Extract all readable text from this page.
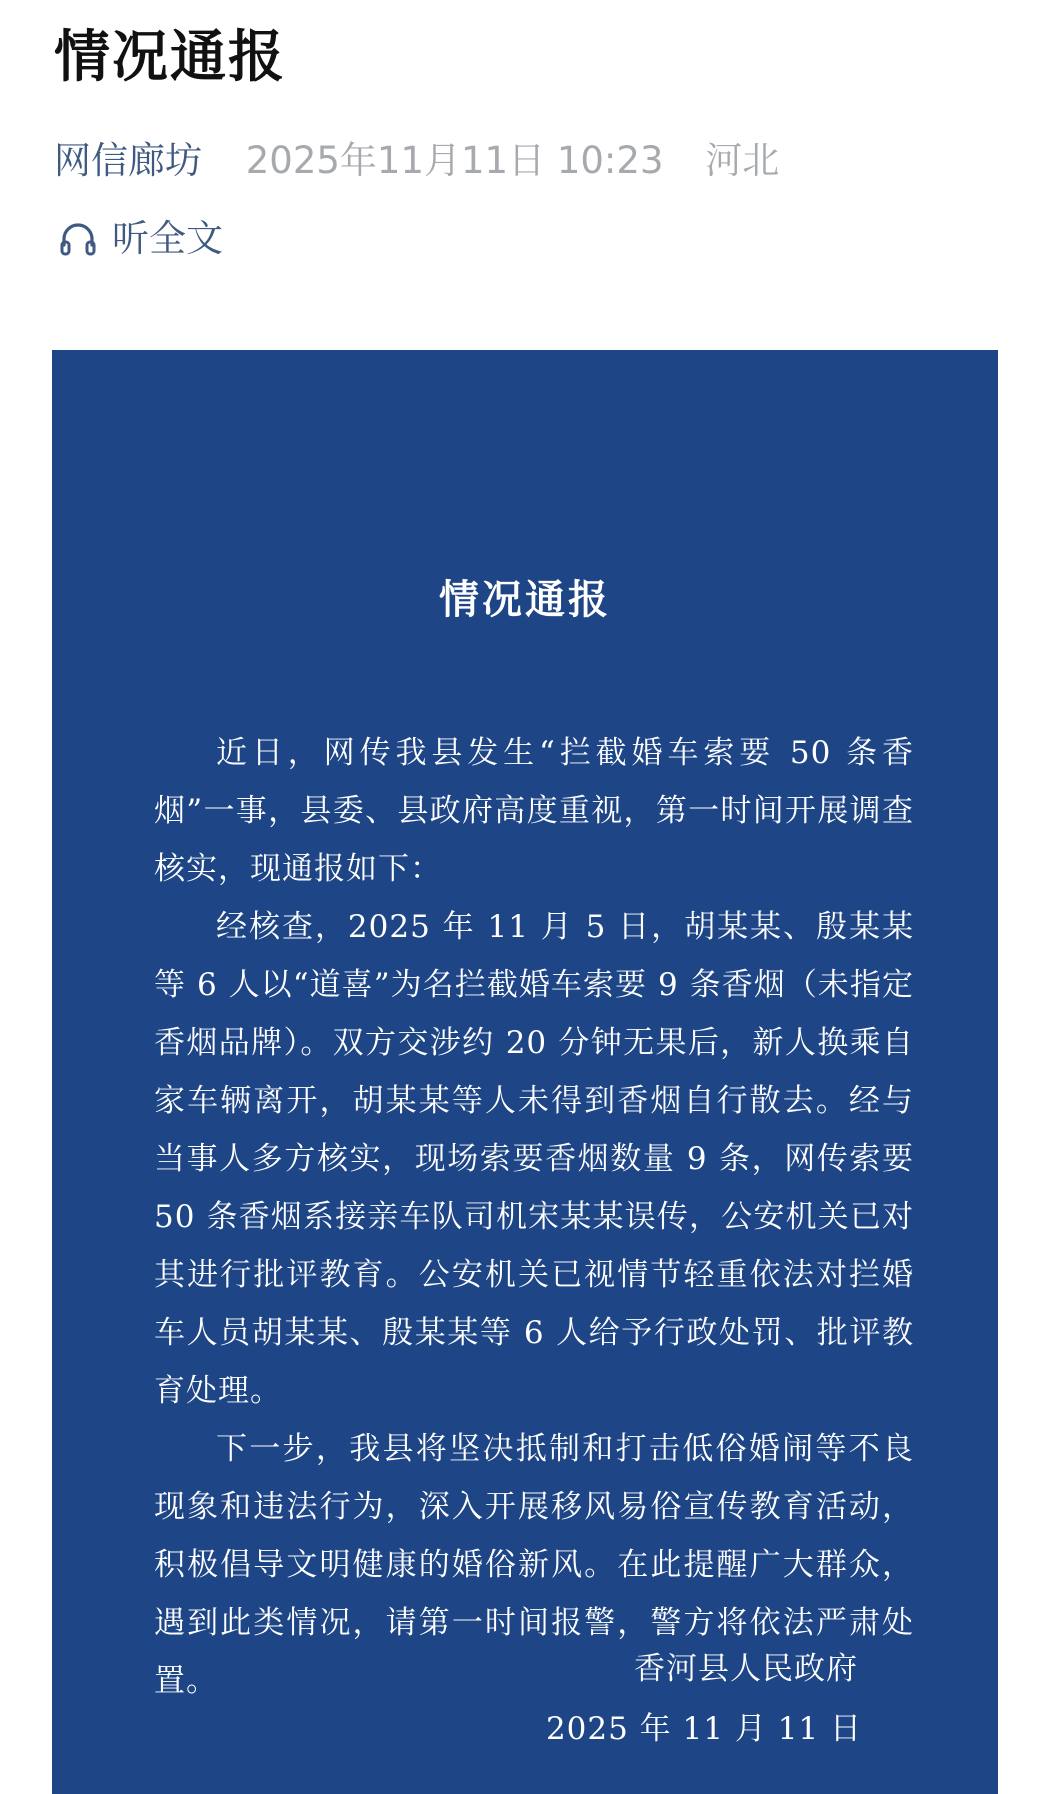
情况通报
网信廊坊 2025年11月11日 10:23 河北
听全文
情况通报

近日，网传我县发生“拦截婚车索要 50 条香烟”一事，县委、县政府高度重视，第一时间开展调查核实，现通报如下：

经核查，2025 年 11 月 5 日，胡某某、殷某某等 6 人以“道喜”为名拦截婚车索要 9 条香烟（未指定香烟品牌）。双方交涉约 20 分钟无果后，新人换乘自家车辆离开，胡某某等人未得到香烟自行散去。经与当事人多方核实，现场索要香烟数量 9 条，网传索要 50 条香烟系接亲车队司机宋某某误传，公安机关已对其进行批评教育。公安机关已视情节轻重依法对拦婚车人员胡某某、殷某某等 6 人给予行政处罚、批评教育处理。

下一步，我县将坚决抵制和打击低俗婚闹等不良现象和违法行为，深入开展移风易俗宣传教育活动，积极倡导文明健康的婚俗新风。在此提醒广大群众，遇到此类情况，请第一时间报警，警方将依法严肃处置。	香河县人民政府
2025 年 11 月 11 日
